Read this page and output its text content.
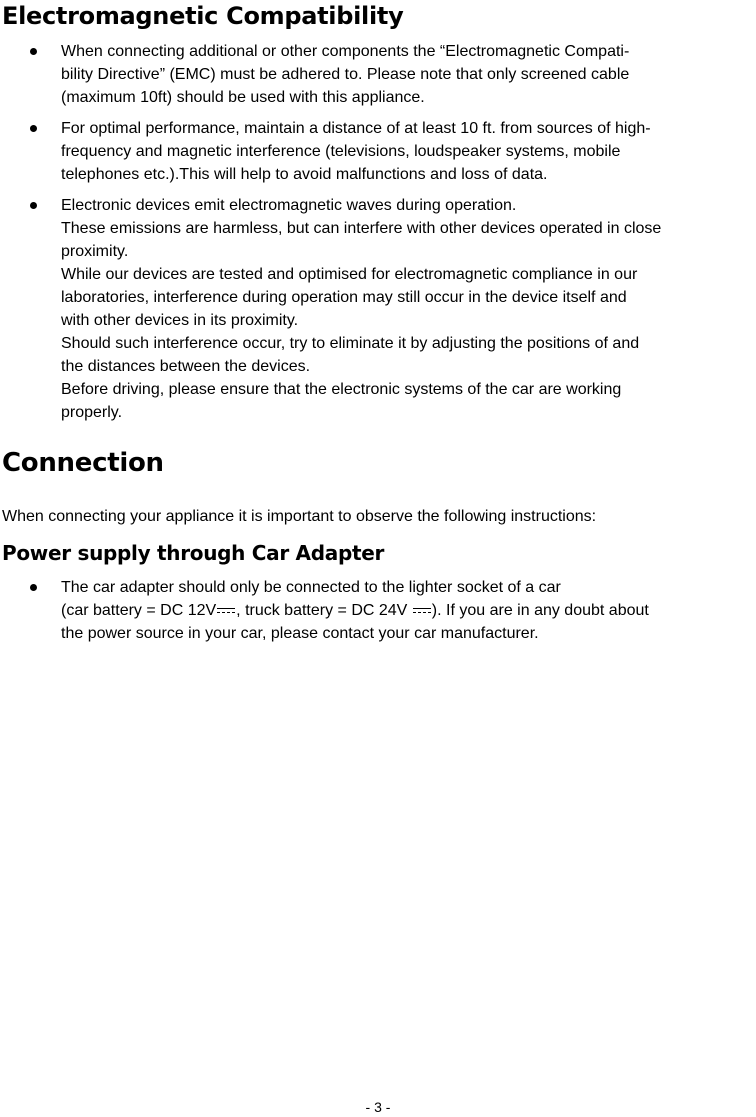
Electromagnetic Compatibility
When connecting additional or other components the “Electromagnetic Compati-
bility Directive” (EMC) must be adhered to. Please note that only screened cable
(maximum 10ft) should be used with this appliance.
For optimal performance, maintain a distance of at least 10 ft. from sources of high-
frequency and magnetic interference (televisions, loudspeaker systems, mobile
telephones etc.).This will help to avoid malfunctions and loss of data.
Electronic devices emit electromagnetic waves during operation.
These emissions are harmless, but can interfere with other devices operated in close
proximity.
While our devices are tested and optimised for electromagnetic compliance in our
laboratories, interference during operation may still occur in the device itself and
with other devices in its proximity.
Should such interference occur, try to eliminate it by adjusting the positions of and
the distances between the devices.
Before driving, please ensure that the electronic systems of the car are working
properly.
Connection

When connecting your appliance it is important to observe the following instructions:

Power supply through Car Adapter
The car adapter should only be connected to the lighter socket of a car
(car battery = DC 12V , truck battery = DC 24V ). If you are in any doubt about
the power source in your car, please contact your car manufacturer.
- 3 -
